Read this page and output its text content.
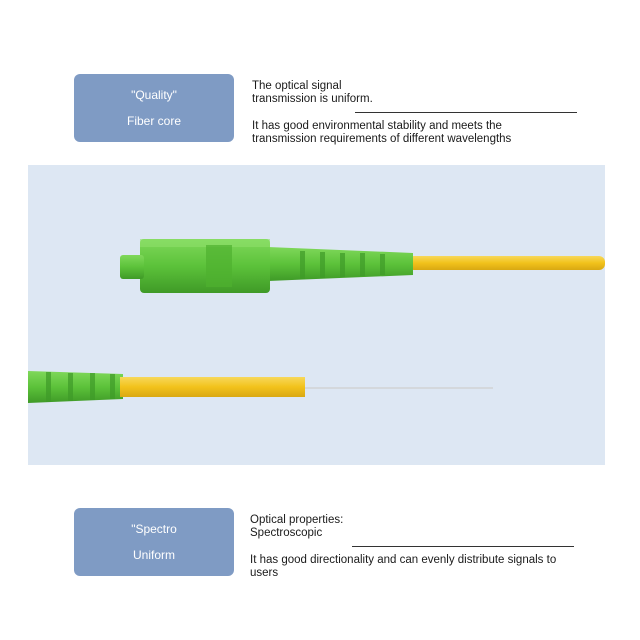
"Quality"
Fiber core

The optical signal

transmission is uniform.

It has good environmental stability and meets the

transmission requirements of different wavelengths

"Spectro
Uniform

Optical properties:

Spectroscopic

It has good directionality and can evenly distribute signals to

users
